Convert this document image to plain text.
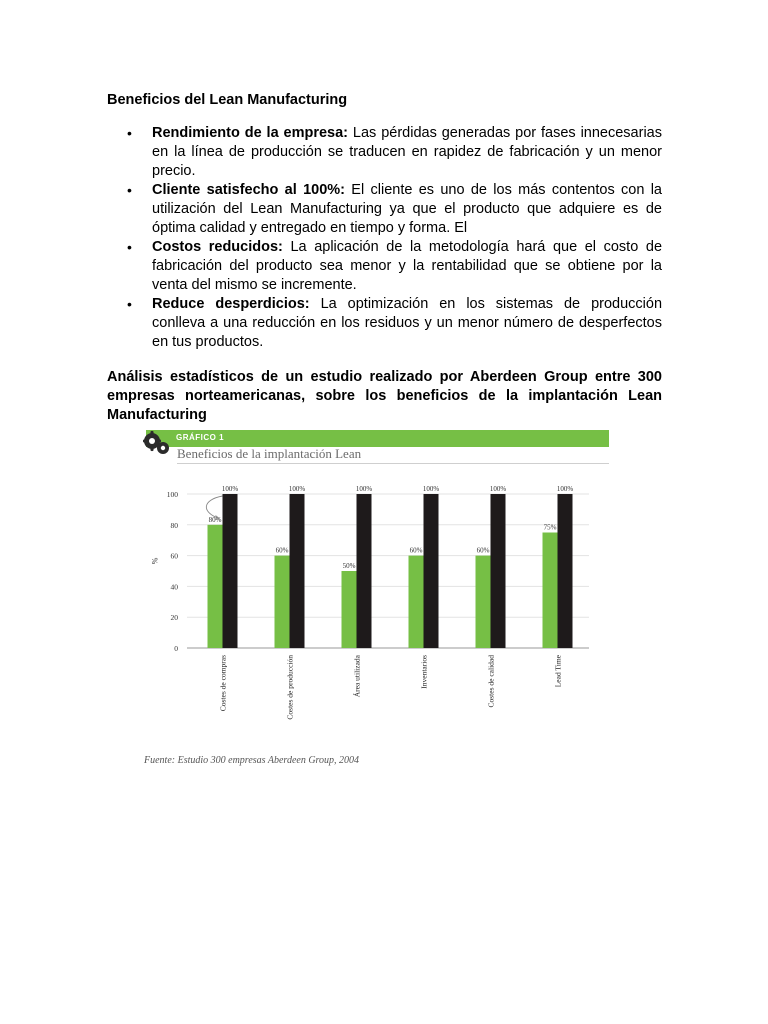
Beneficios del Lean Manufacturing

• Rendimiento de la empresa: Las pérdidas generadas por fases innecesarias en la línea de producción se traducen en rapidez de fabricación y un menor precio.
• Cliente satisfecho al 100%: El cliente es uno de los más contentos con la utilización del Lean Manufacturing ya que el producto que adquiere es de óptima calidad y entregado en tiempo y forma. El
• Costos reducidos: La aplicación de la metodología hará que el costo de fabricación del producto sea menor y la rentabilidad que se obtiene por la venta del mismo se incremente.
• Reduce desperdicios: La optimización en los sistemas de producción conlleva a una reducción en los residuos y un menor número de desperfectos en tus productos.

Análisis estadísticos de un estudio realizado por Aberdeen Group entre 300 empresas norteamericanas, sobre los beneficios de la implantación Lean Manufacturing

GRÁFICO 1
Beneficios de la implantación Lean
0
20
40
60
80
100
%
80%
100%
Costes de compras
60%
100%
Costes de producción
50%
100%
Área utilizada
60%
100%
Inventarios
60%
100%
Costes de calidad
75%
100%
Lead Time
Fuente: Estudio 300 empresas Aberdeen Group, 2004
